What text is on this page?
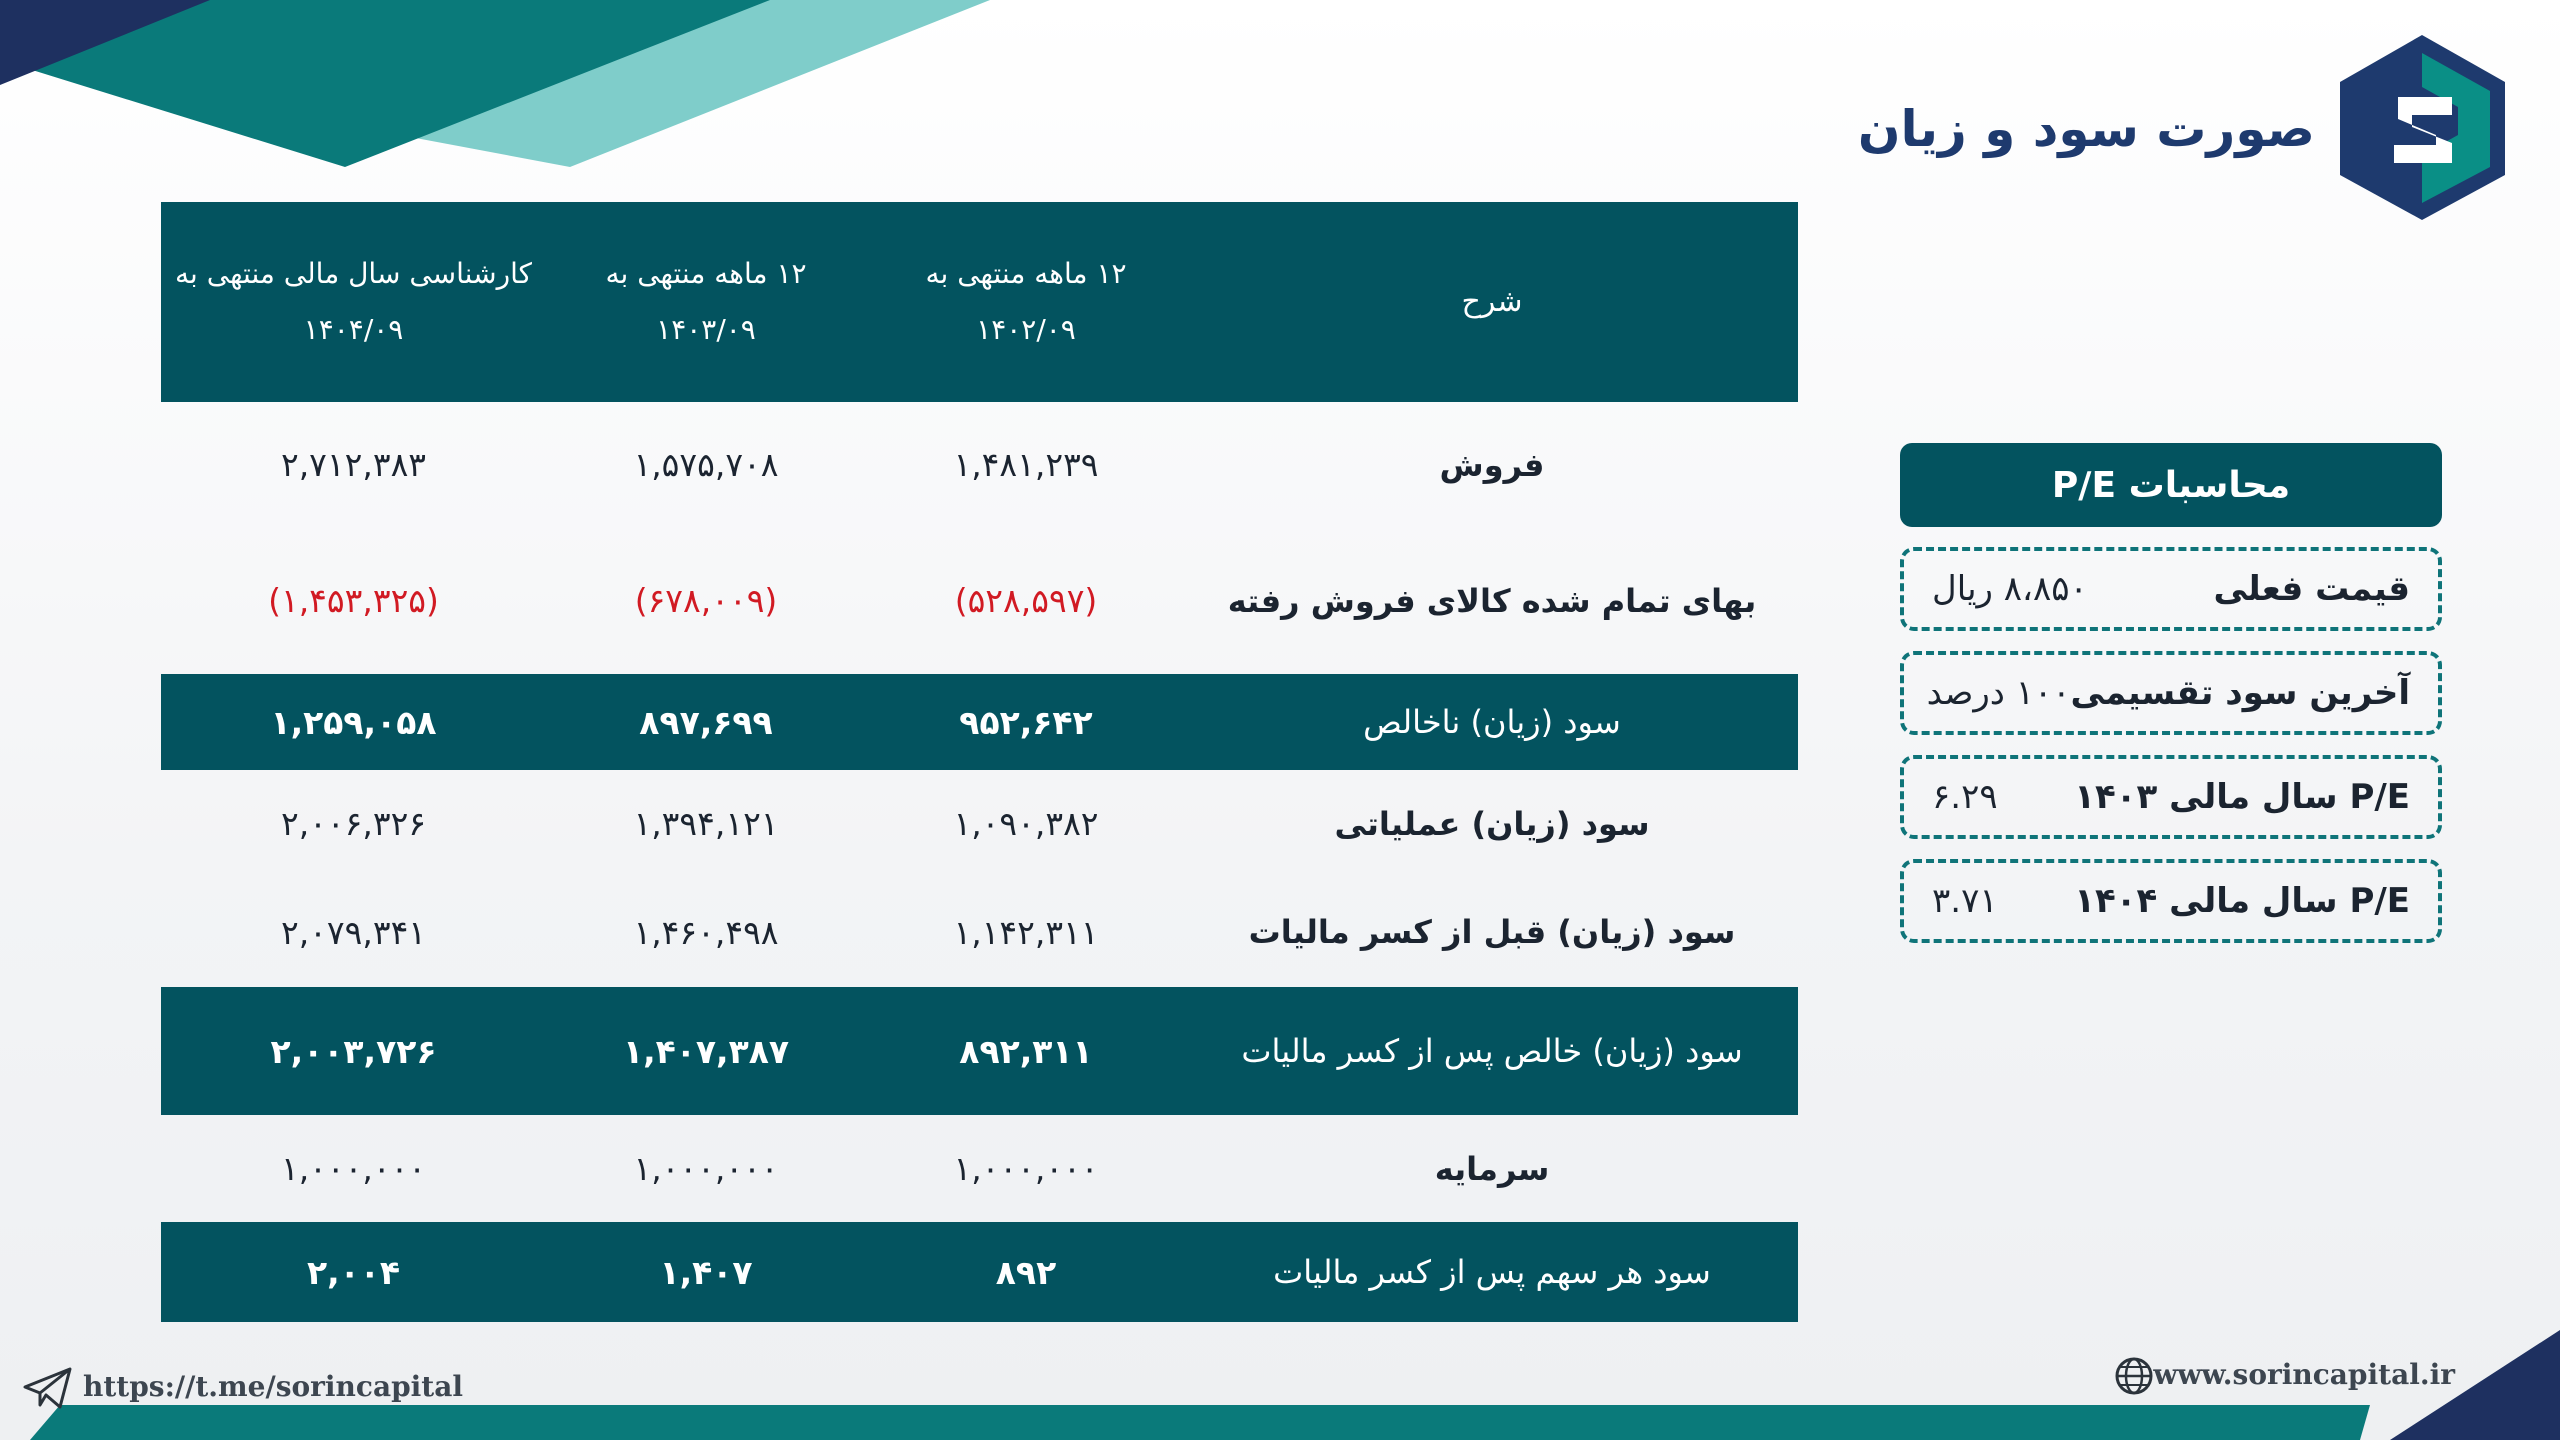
صورت سود و زیان
شرح
۱۲ ماهه منتهی به
۱۴۰۲/۰۹
۱۲ ماهه منتهی به
۱۴۰۳/۰۹
کارشناسی سال مالی منتهی به
۱۴۰۴/۰۹
فروش
۱,۴۸۱,۲۳۹
۱,۵۷۵,۷۰۸
۲,۷۱۲,۳۸۳
بهای تمام شده کالای فروش رفته
(۵۲۸,۵۹۷)
(۶۷۸,۰۰۹)
(۱,۴۵۳,۳۲۵)
سود (زیان) ناخالص
۹۵۲,۶۴۲
۸۹۷,۶۹۹
۱,۲۵۹,۰۵۸
سود (زیان) عملیاتی
۱,۰۹۰,۳۸۲
۱,۳۹۴,۱۲۱
۲,۰۰۶,۳۲۶
سود (زیان) قبل از کسر مالیات
۱,۱۴۲,۳۱۱
۱,۴۶۰,۴۹۸
۲,۰۷۹,۳۴۱
سود (زیان) خالص پس از کسر مالیات
۸۹۲,۳۱۱
۱,۴۰۷,۳۸۷
۲,۰۰۳,۷۲۶
سرمایه
۱,۰۰۰,۰۰۰
۱,۰۰۰,۰۰۰
۱,۰۰۰,۰۰۰
سود هر سهم پس از کسر مالیات
۸۹۲
۱,۴۰۷
۲,۰۰۴
محاسبات P/E
قیمت فعلی
۸،۸۵۰ ریال
آخرین سود تقسیمی
۱۰۰ درصد
P/E سال مالی ۱۴۰۳
۶.۲۹
P/E سال مالی ۱۴۰۴
۳.۷۱
https://t.me/sorincapital	www.sorincapital.ir
